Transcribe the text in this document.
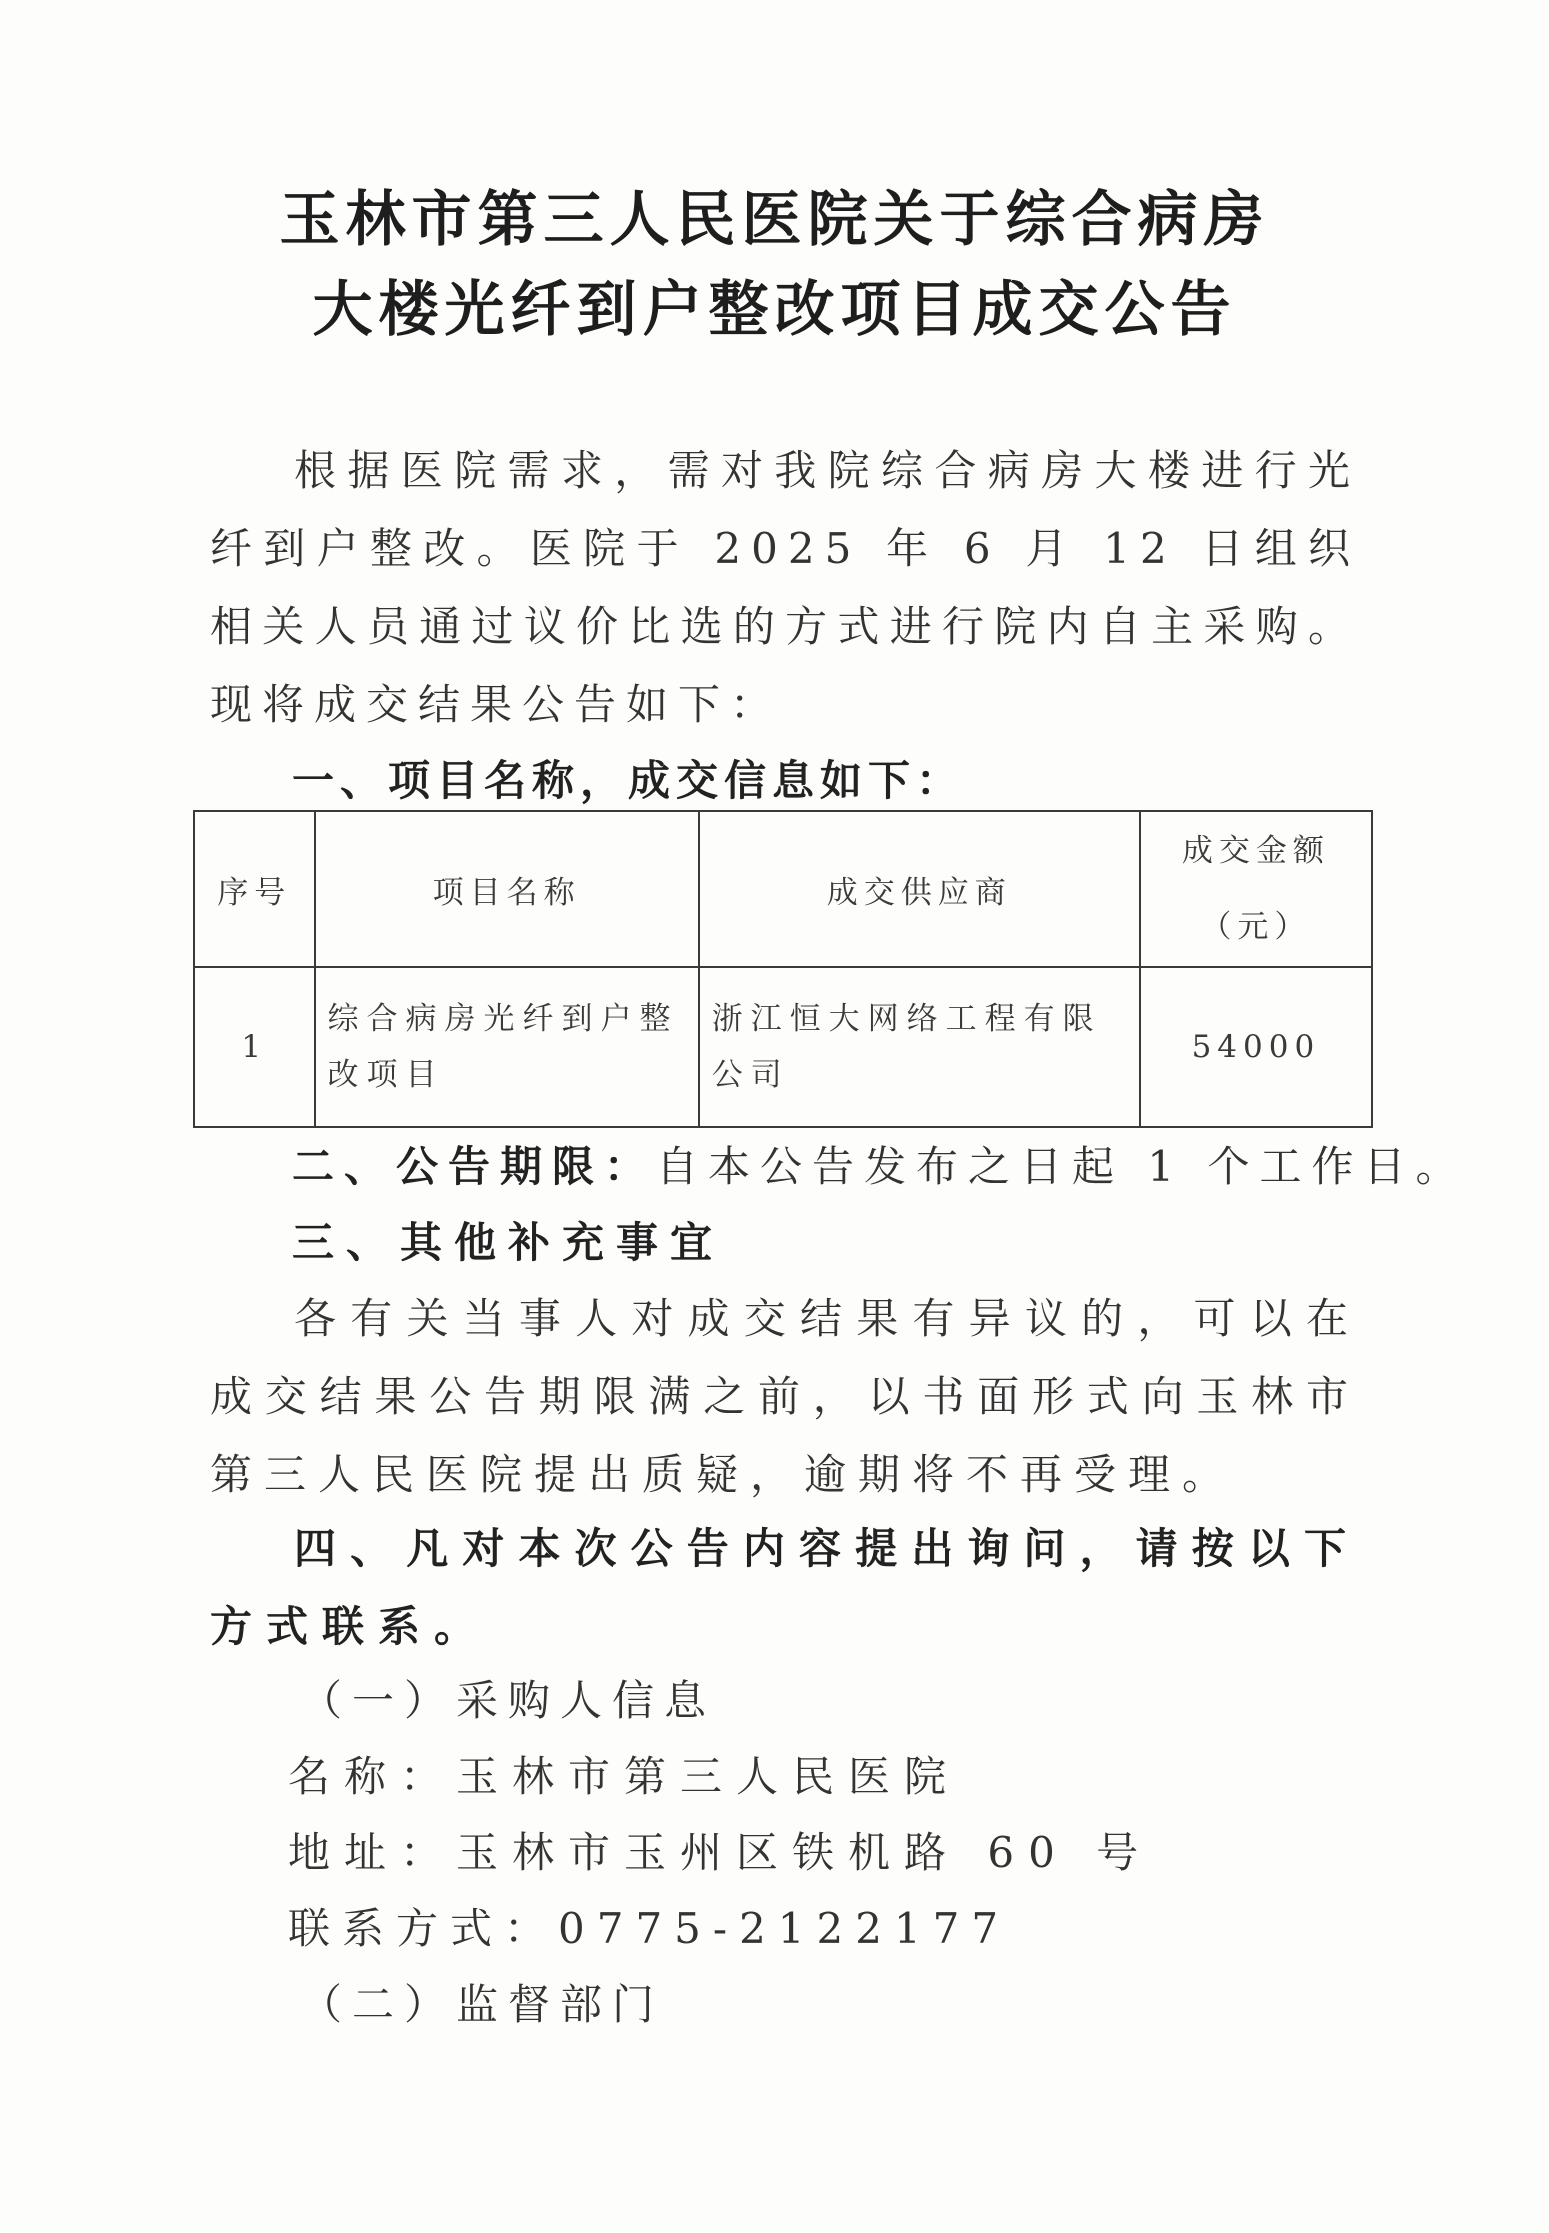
玉林市第三人民医院关于综合病房
大楼光纤到户整改项目成交公告

根据医院需求，需对我院综合病房大楼进行光纤到户整改。医院于 2025 年 6 月 12 日组织相关人员通过议价比选的方式进行院内自主采购。现将成交结果公告如下：

一、项目名称，成交信息如下：
序号	项目名称	成交供应商	成交金额
（元）

1	综合病房光纤到户整改项目	浙江恒大网络工程有限公司	54000
二、公告期限：自本公告发布之日起 1 个工作日。
三、其他补充事宜

各有关当事人对成交结果有异议的，可以在成交结果公告期限满之前，以书面形式向玉林市第三人民医院提出质疑，逾期将不再受理。

四、凡对本次公告内容提出询问，请按以下方式联系。

（一）采购人信息
名称：玉林市第三人民医院
地址：玉林市玉州区铁机路 60 号
联系方式：0775-2122177
（二）监督部门
